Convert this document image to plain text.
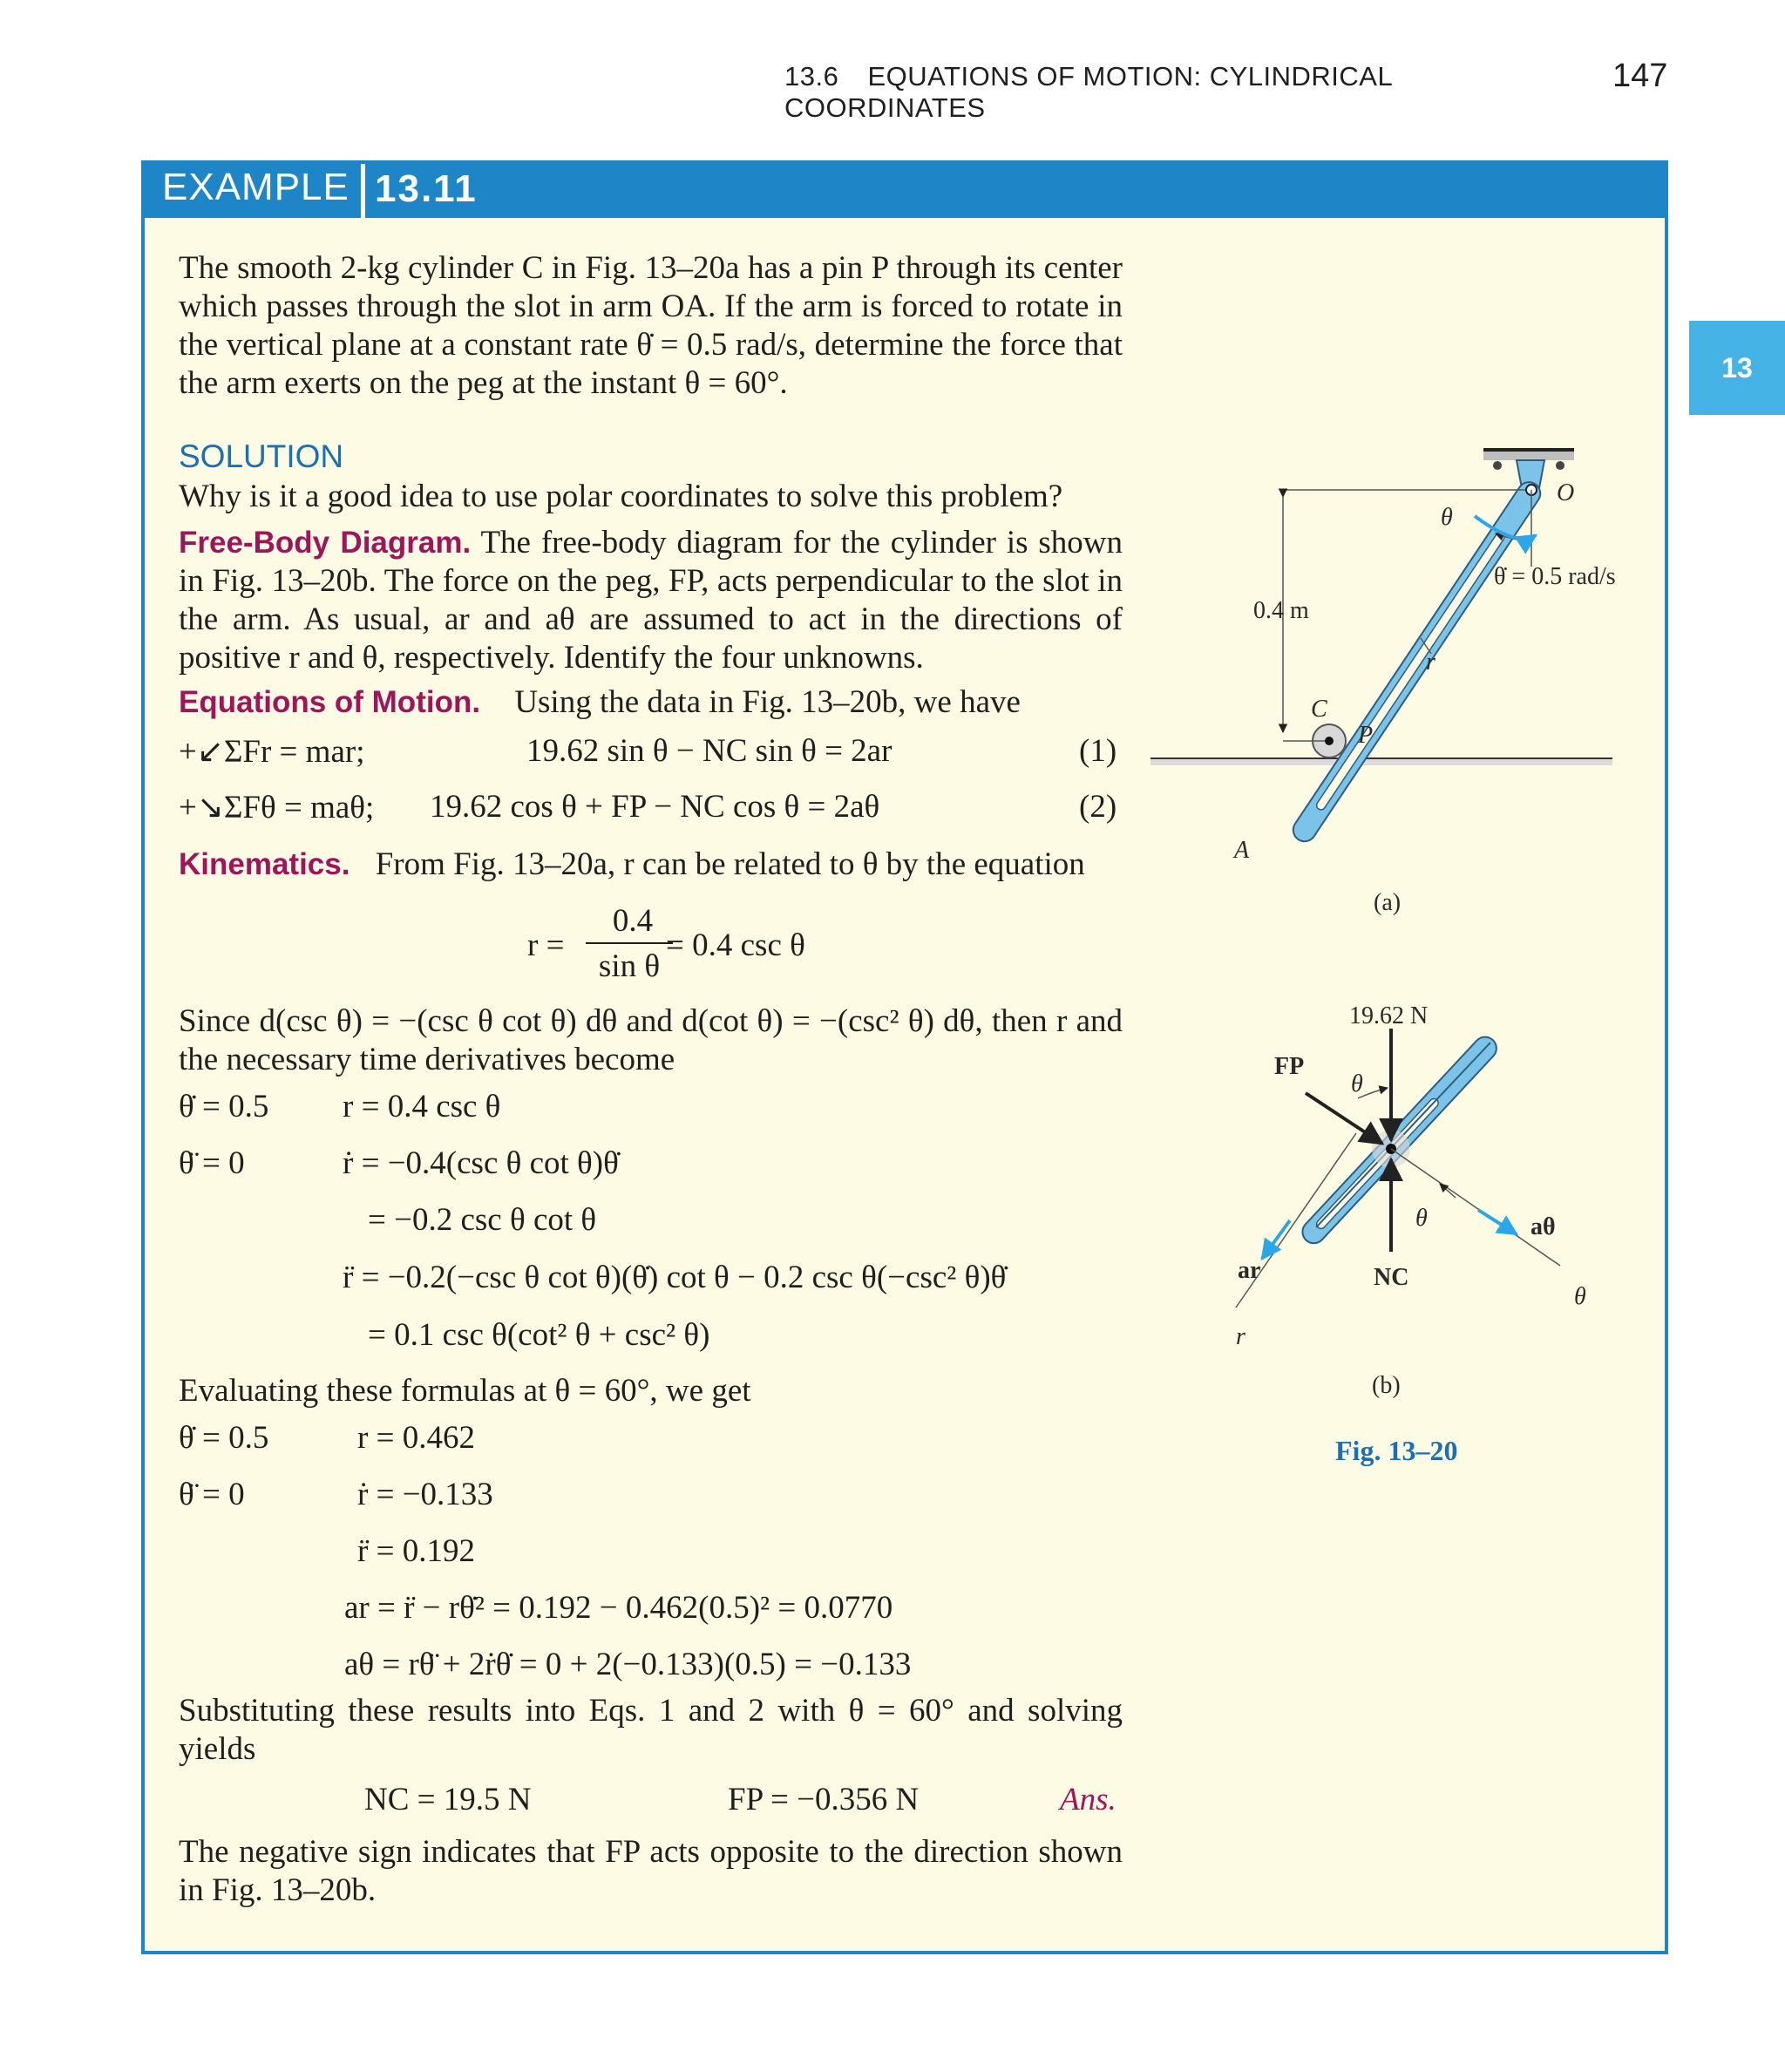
13.6 EQUATIONS OF MOTION: CYLINDRICAL COORDINATES
147
13
EXAMPLE 13.11
The smooth 2-kg cylinder C in Fig. 13–20a has a pin P through its center which passes through the slot in arm OA. If the arm is forced to rotate in the vertical plane at a constant rate θ̇ = 0.5 rad/s, determine the force that the arm exerts on the peg at the instant θ = 60°.
SOLUTION
Why is it a good idea to use polar coordinates to solve this problem?
Free-Body Diagram. The free-body diagram for the cylinder is shown in Fig. 13–20b. The force on the peg, FP, acts perpendicular to the slot in the arm. As usual, ar and aθ are assumed to act in the directions of positive r and θ, respectively. Identify the four unknowns.
Equations of Motion. Using the data in Fig. 13–20b, we have
+↙ΣFr = mar;	19.62 sin θ − NC sin θ = 2ar	(1)
+↘ΣFθ = maθ; 19.62 cos θ + FP − NC cos θ = 2aθ	(2)
Kinematics. From Fig. 13–20a, r can be related to θ by the equation
r =
0.4
sin θ
= 0.4 csc θ
Since d(csc θ) = −(csc θ cot θ) dθ and d(cot θ) = −(csc² θ) dθ, then r and the necessary time derivatives become
θ̇ = 0.5 r = 0.4 csc θ
θ̈ = 0	ṙ = −0.4(csc θ cot θ)θ̇
= −0.2 csc θ cot θ
r̈ = −0.2(−csc θ cot θ)(θ̇) cot θ − 0.2 csc θ(−csc² θ)θ̇
= 0.1 csc θ(cot² θ + csc² θ)
Evaluating these formulas at θ = 60°, we get
θ̇ = 0.5	r = 0.462
θ̈ = 0	ṙ = −0.133
r̈ = 0.192
ar = r̈ − rθ̇² = 0.192 − 0.462(0.5)² = 0.0770
aθ = rθ̈ + 2ṙθ̇ = 0 + 2(−0.133)(0.5) = −0.133
Substituting these results into Eqs. 1 and 2 with θ = 60° and solving yields
NC = 19.5 N	FP = −0.356 N	Ans.
The negative sign indicates that FP acts opposite to the direction shown in Fig. 13–20b.
O
θ
θ̇ = 0.5 rad/s
0.4 m
r
C
P
A
(a)
19.62 N
FP
θ
θ	aθ
θ
ar
r
NC
(b)
Fig. 13–20
